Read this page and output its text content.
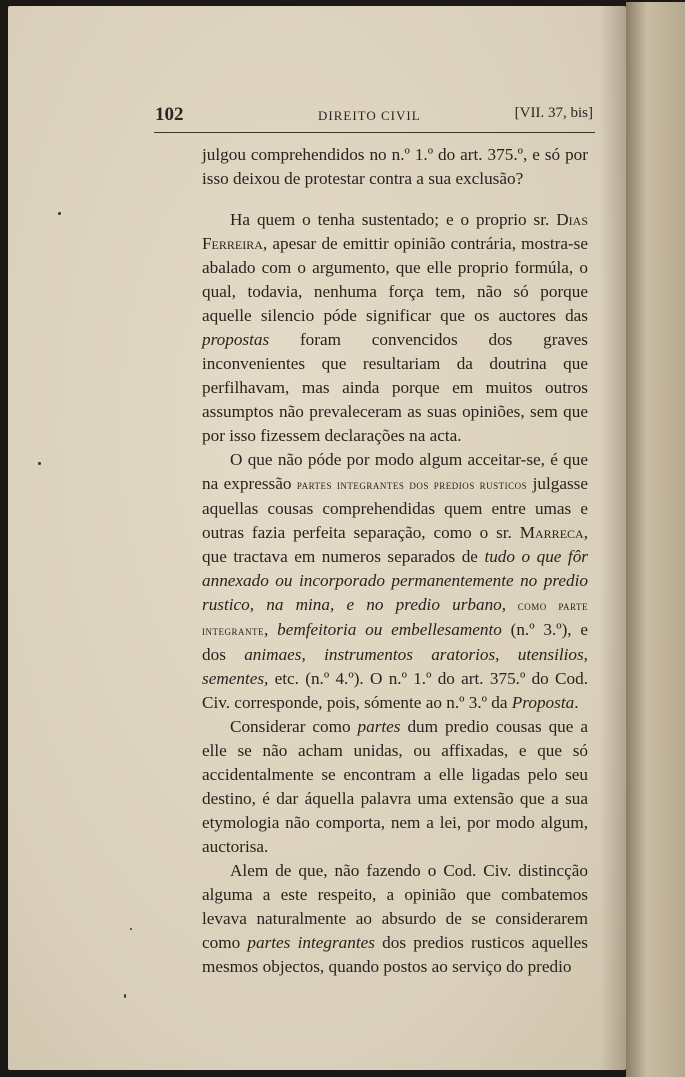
102	DIREITO CIVIL	[VII. 37, bis]

julgou comprehendidos no n.º 1.º do art. 375.º, e só por isso deixou de protestar contra a sua exclusão?

Ha quem o tenha sustentado; e o proprio sr. Dias Ferreira, apesar de emittir opinião contrária, mostra-se abalado com o argumento, que elle proprio formúla, o qual, todavia, nenhuma força tem, não só porque aquelle silencio póde significar que os auctores das propostas foram convencidos dos graves inconvenientes que resultariam da doutrina que perfilhavam, mas ainda porque em muitos outros assumptos não prevaleceram as suas opiniões, sem que por isso fizessem declarações na acta.

O que não póde por modo algum acceitar-se, é que na expressão partes integrantes dos predios rusticos julgasse aquellas cousas comprehendidas quem entre umas e outras fazia perfeita separação, como o sr. Marreca, que tractava em numeros separados de tudo o que fôr annexado ou incorporado permanentemente no predio rustico, na mina, e no predio urbano, como parte integrante, bemfeitoria ou embellesamento (n.º 3.º), e dos animaes, instrumentos aratorios, utensilios, sementes, etc. (n.º 4.º). O n.º 1.º do art. 375.º do Cod. Civ. corresponde, pois, sómente ao n.º 3.º da Proposta.

Considerar como partes dum predio cousas que a elle se não acham unidas, ou affixadas, e que só accidentalmente se encontram a elle ligadas pelo seu destino, é dar áquella palavra uma extensão que a sua etymologia não comporta, nem a lei, por modo algum, auctorisa.

Alem de que, não fazendo o Cod. Civ. distincção alguma a este respeito, a opinião que combatemos levava naturalmente ao absurdo de se considerarem como partes integrantes dos predios rusticos aquelles mesmos objectos, quando postos ao serviço do predio
